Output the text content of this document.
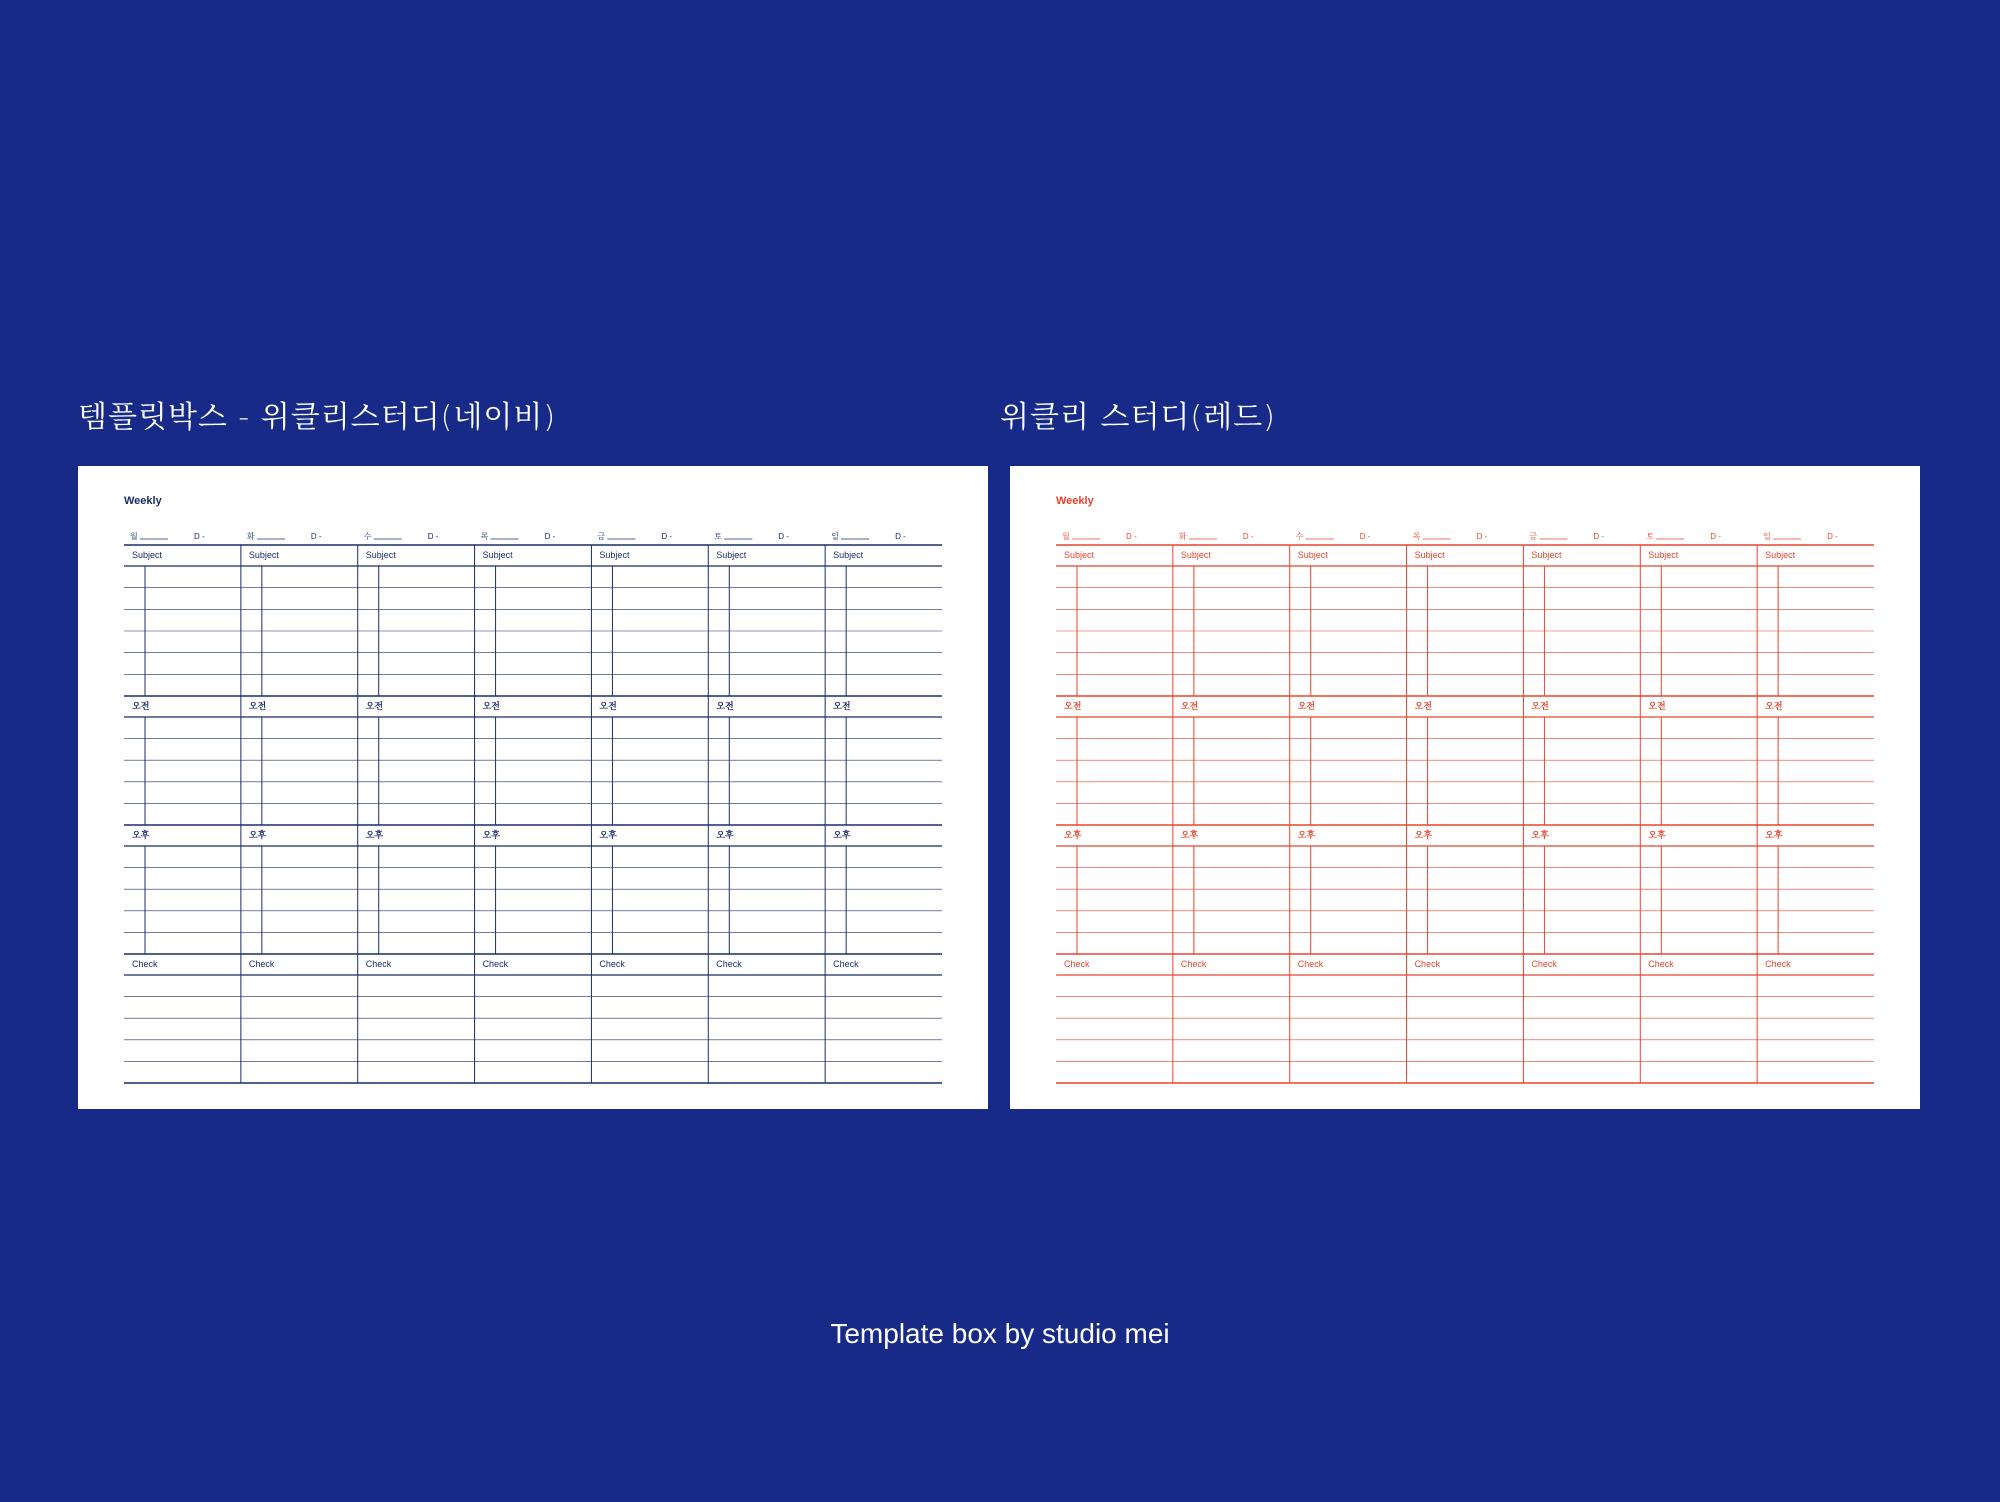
템플릿박스 - 위클리스터디(네이비)	위클리 스터디(레드)
Weekly
월	D -	화	D -	수	D -	목	D -	금	D -	토	D -	일	D -
Subject	Subject	Subject	Subject	Subject	Subject	Subject
오전	오전	오전	오전	오전	오전	오전
오후	오후	오후	오후	오후	오후	오후
Check	Check	Check	Check	Check	Check	Check
Weekly
월	D -	화	D -	수	D -	목	D -	금	D -	토	D -	일	D -
Subject	Subject	Subject	Subject	Subject	Subject	Subject
오전	오전	오전	오전	오전	오전	오전
오후	오후	오후	오후	오후	오후	오후
Check	Check	Check	Check	Check	Check	Check
Template box by studio mei
